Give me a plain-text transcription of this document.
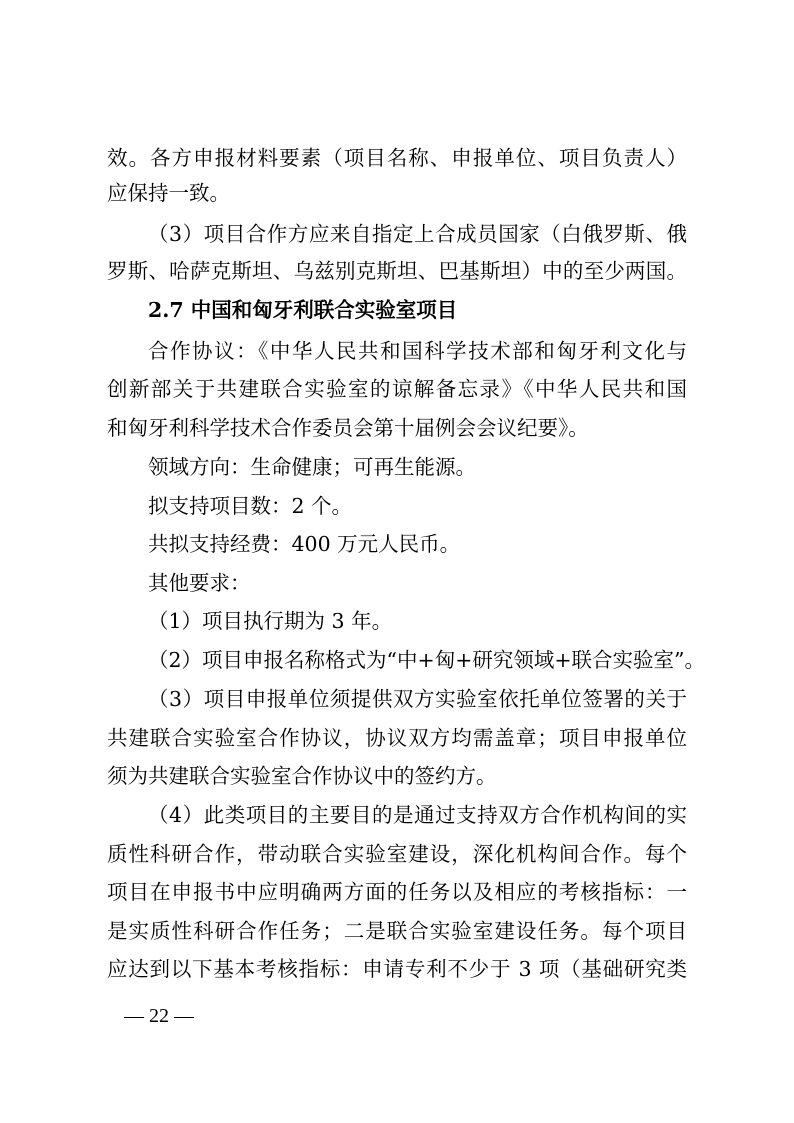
效。各方申报材料要素（项目名称、申报单位、项目负责人）
应保持一致。
（3）项目合作方应来自指定上合成员国家（白俄罗斯、俄
罗斯、哈萨克斯坦、乌兹别克斯坦、巴基斯坦）中的至少两国。
2.7 中国和匈牙利联合实验室项目
合作协议：《中华人民共和国科学技术部和匈牙利文化与
创新部关于共建联合实验室的谅解备忘录》《中华人民共和国
和匈牙利科学技术合作委员会第十届例会会议纪要》。
领域方向：生命健康；可再生能源。
拟支持项目数：2 个。
共拟支持经费：400 万元人民币。
其他要求：
（1）项目执行期为 3 年。
（2）项目申报名称格式为“中+匈+研究领域+联合实验室”。
（3）项目申报单位须提供双方实验室依托单位签署的关于
共建联合实验室合作协议，协议双方均需盖章；项目申报单位
须为共建联合实验室合作协议中的签约方。
（4）此类项目的主要目的是通过支持双方合作机构间的实
质性科研合作，带动联合实验室建设，深化机构间合作。每个
项目在申报书中应明确两方面的任务以及相应的考核指标：一
是实质性科研合作任务；二是联合实验室建设任务。每个项目
应达到以下基本考核指标：申请专利不少于 3 项（基础研究类
— 22 —
